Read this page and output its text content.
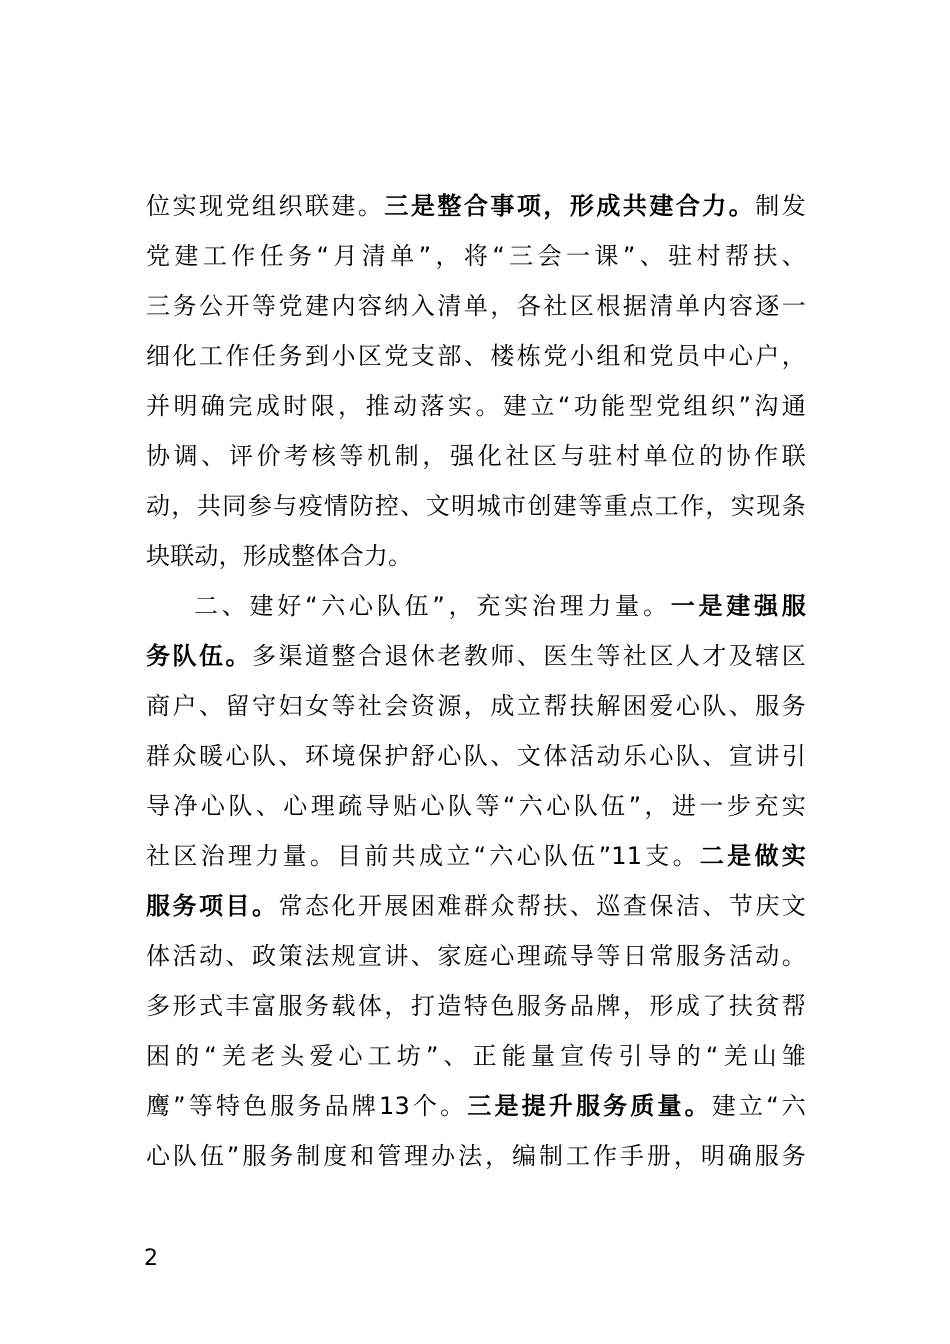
位实现党组织联建。三是整合事项，形成共建合力。制发
党建工作任务“月清单”，将“三会一课”、驻村帮扶、
三务公开等党建内容纳入清单，各社区根据清单内容逐一
细化工作任务到小区党支部、楼栋党小组和党员中心户，
并明确完成时限，推动落实。建立“功能型党组织”沟通
协调、评价考核等机制，强化社区与驻村单位的协作联
动，共同参与疫情防控、文明城市创建等重点工作，实现条
块联动，形成整体合力。
二、建好“六心队伍”，充实治理力量。一是建强服
务队伍。多渠道整合退休老教师、医生等社区人才及辖区
商户、留守妇女等社会资源，成立帮扶解困爱心队、服务
群众暖心队、环境保护舒心队、文体活动乐心队、宣讲引
导净心队、心理疏导贴心队等“六心队伍”，进一步充实
社区治理力量。目前共成立“六心队伍”11支。二是做实
服务项目。常态化开展困难群众帮扶、巡查保洁、节庆文
体活动、政策法规宣讲、家庭心理疏导等日常服务活动。
多形式丰富服务载体，打造特色服务品牌，形成了扶贫帮
困的“羌老头爱心工坊”、正能量宣传引导的“羌山雏
鹰”等特色服务品牌13个。三是提升服务质量。建立“六
心队伍”服务制度和管理办法，编制工作手册，明确服务
2
